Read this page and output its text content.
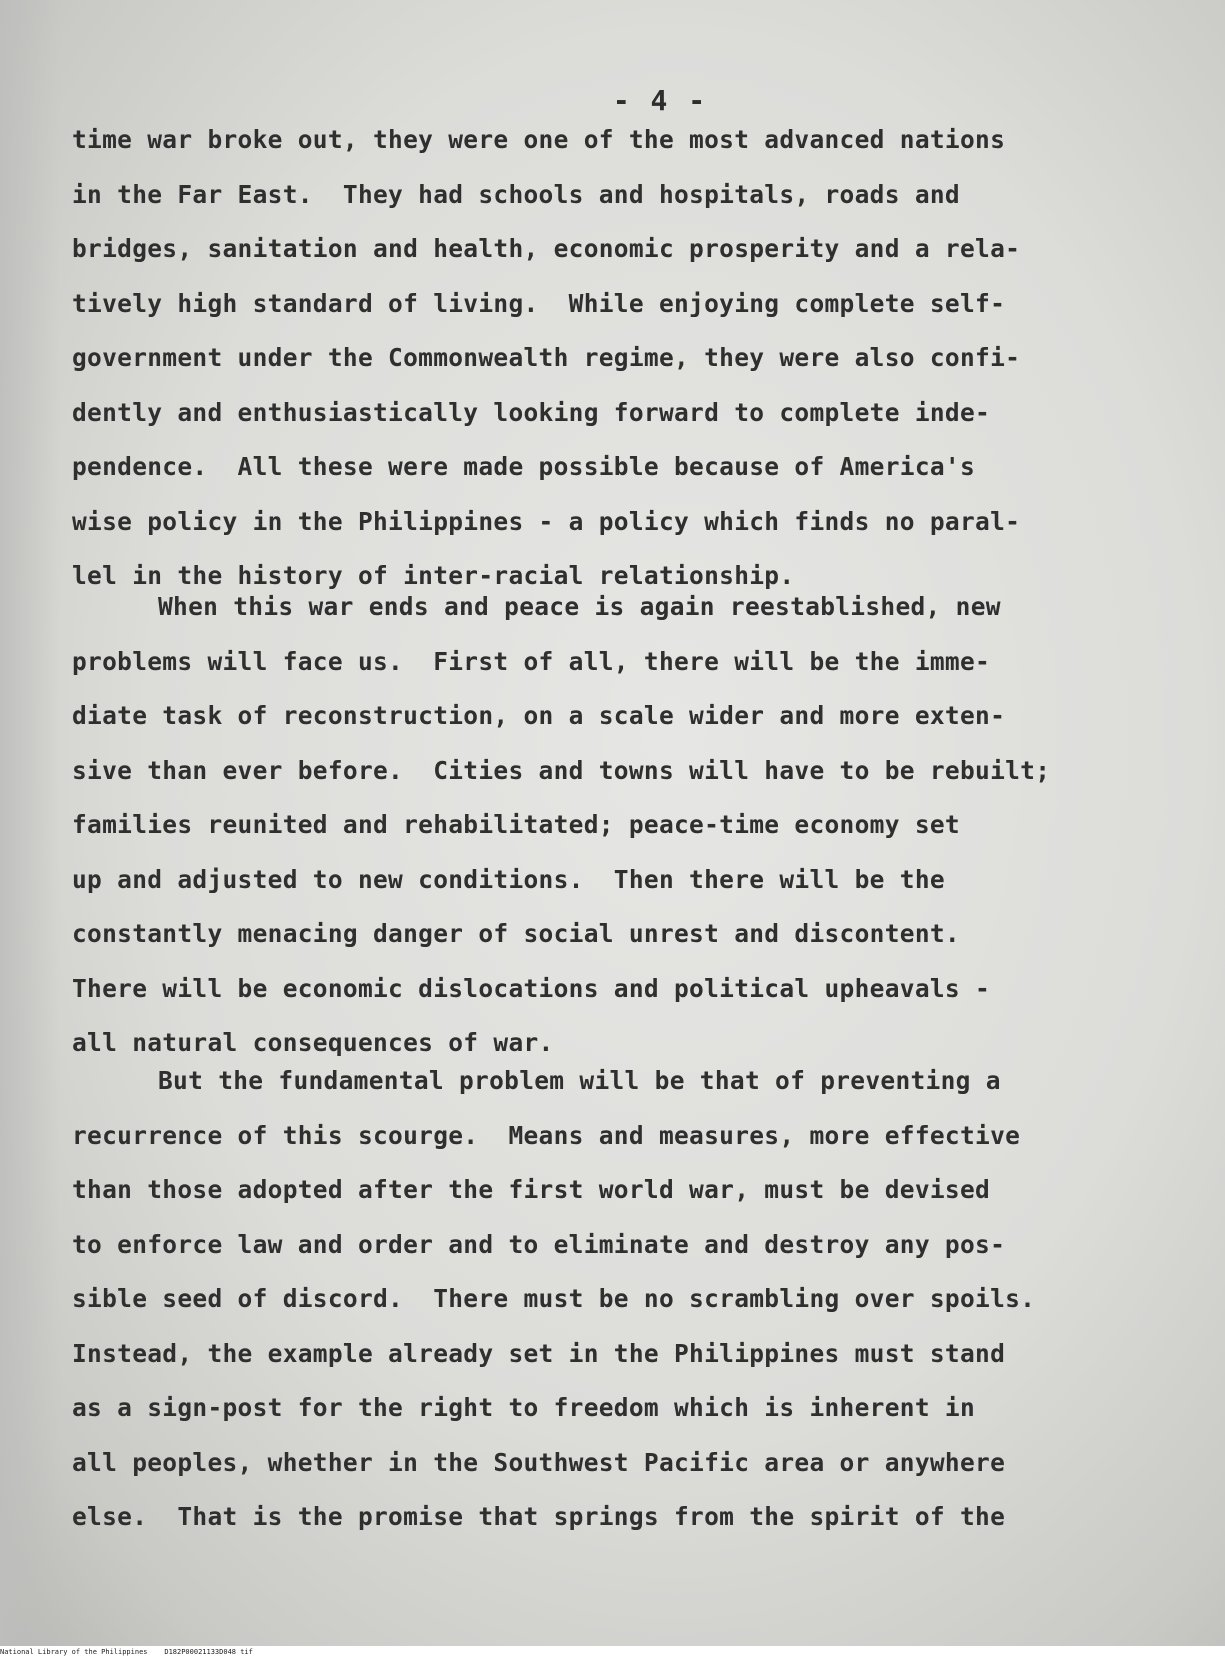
- 4 -
time war broke out, they were one of the most advanced nations
in the Far East.  They had schools and hospitals, roads and
bridges, sanitation and health, economic prosperity and a rela-
tively high standard of living.  While enjoying complete self-
government under the Commonwealth regime, they were also confi-
dently and enthusiastically looking forward to complete inde-
pendence.  All these were made possible because of America's
wise policy in the Philippines - a policy which finds no paral-
lel in the history of inter-racial relationship.
When this war ends and peace is again reestablished, new
problems will face us.  First of all, there will be the imme-
diate task of reconstruction, on a scale wider and more exten-
sive than ever before.  Cities and towns will have to be rebuilt;
families reunited and rehabilitated; peace-time economy set
up and adjusted to new conditions.  Then there will be the
constantly menacing danger of social unrest and discontent.
There will be economic dislocations and political upheavals -
all natural consequences of war.
But the fundamental problem will be that of preventing a
recurrence of this scourge.  Means and measures, more effective
than those adopted after the first world war, must be devised
to enforce law and order and to eliminate and destroy any pos-
sible seed of discord.  There must be no scrambling over spoils.
Instead, the example already set in the Philippines must stand
as a sign-post for the right to freedom which is inherent in
all peoples, whether in the Southwest Pacific area or anywhere
else.  That is the promise that springs from the spirit of the
National Library of the Philippines    D182P00021133D048 tif
